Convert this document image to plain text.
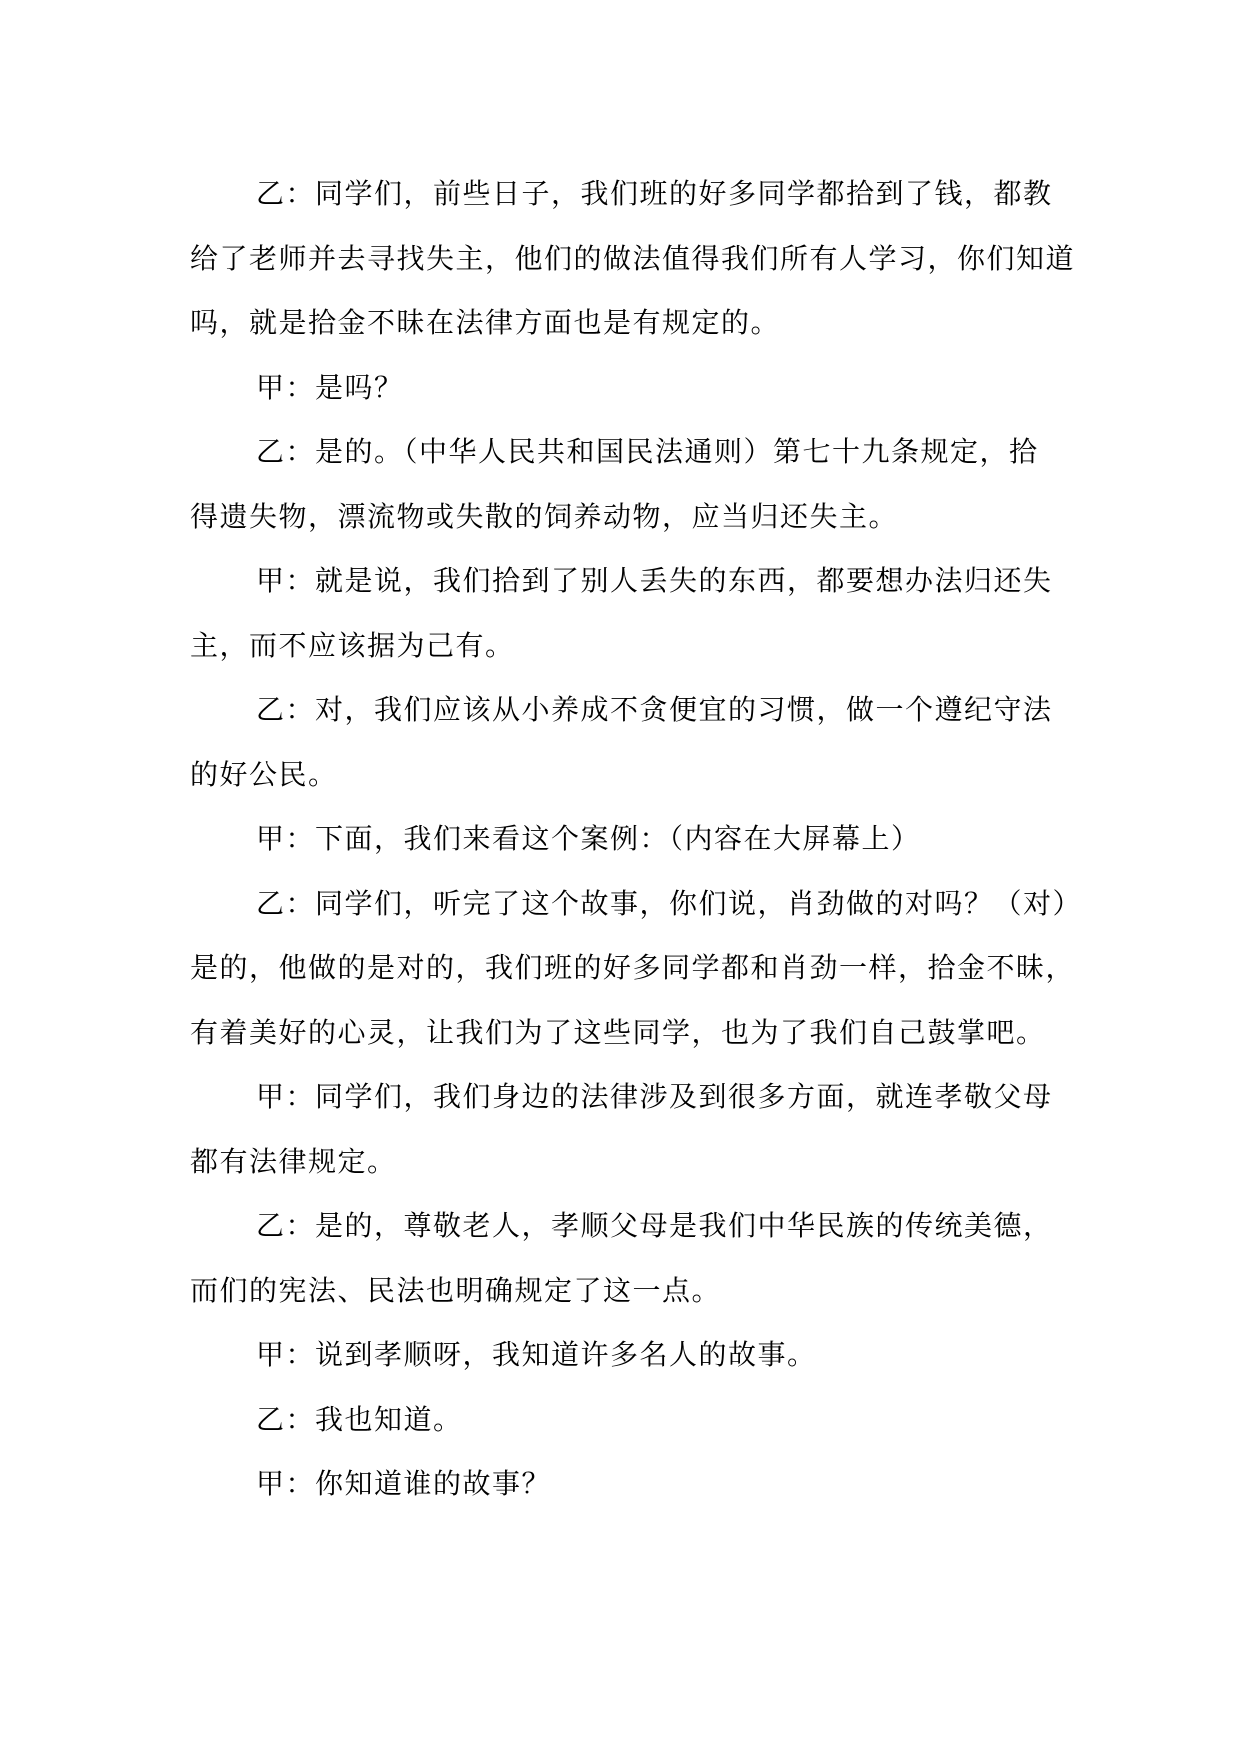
乙：同学们，前些日子，我们班的好多同学都拾到了钱，都教
给了老师并去寻找失主，他们的做法值得我们所有人学习，你们知道
吗，就是拾金不昧在法律方面也是有规定的。
甲：是吗？
乙：是的。（中华人民共和国民法通则）第七十九条规定，拾
得遗失物，漂流物或失散的饲养动物，应当归还失主。
甲：就是说，我们拾到了别人丢失的东西，都要想办法归还失
主，而不应该据为己有。
乙：对，我们应该从小养成不贪便宜的习惯，做一个遵纪守法
的好公民。
甲：下面，我们来看这个案例：（内容在大屏幕上）
乙：同学们，听完了这个故事，你们说，肖劲做的对吗？（对）
是的，他做的是对的，我们班的好多同学都和肖劲一样，拾金不昧，
有着美好的心灵，让我们为了这些同学，也为了我们自己鼓掌吧。
甲：同学们，我们身边的法律涉及到很多方面，就连孝敬父母
都有法律规定。
乙：是的，尊敬老人，孝顺父母是我们中华民族的传统美德，
而们的宪法、民法也明确规定了这一点。
甲：说到孝顺呀，我知道许多名人的故事。
乙：我也知道。
甲：你知道谁的故事？
